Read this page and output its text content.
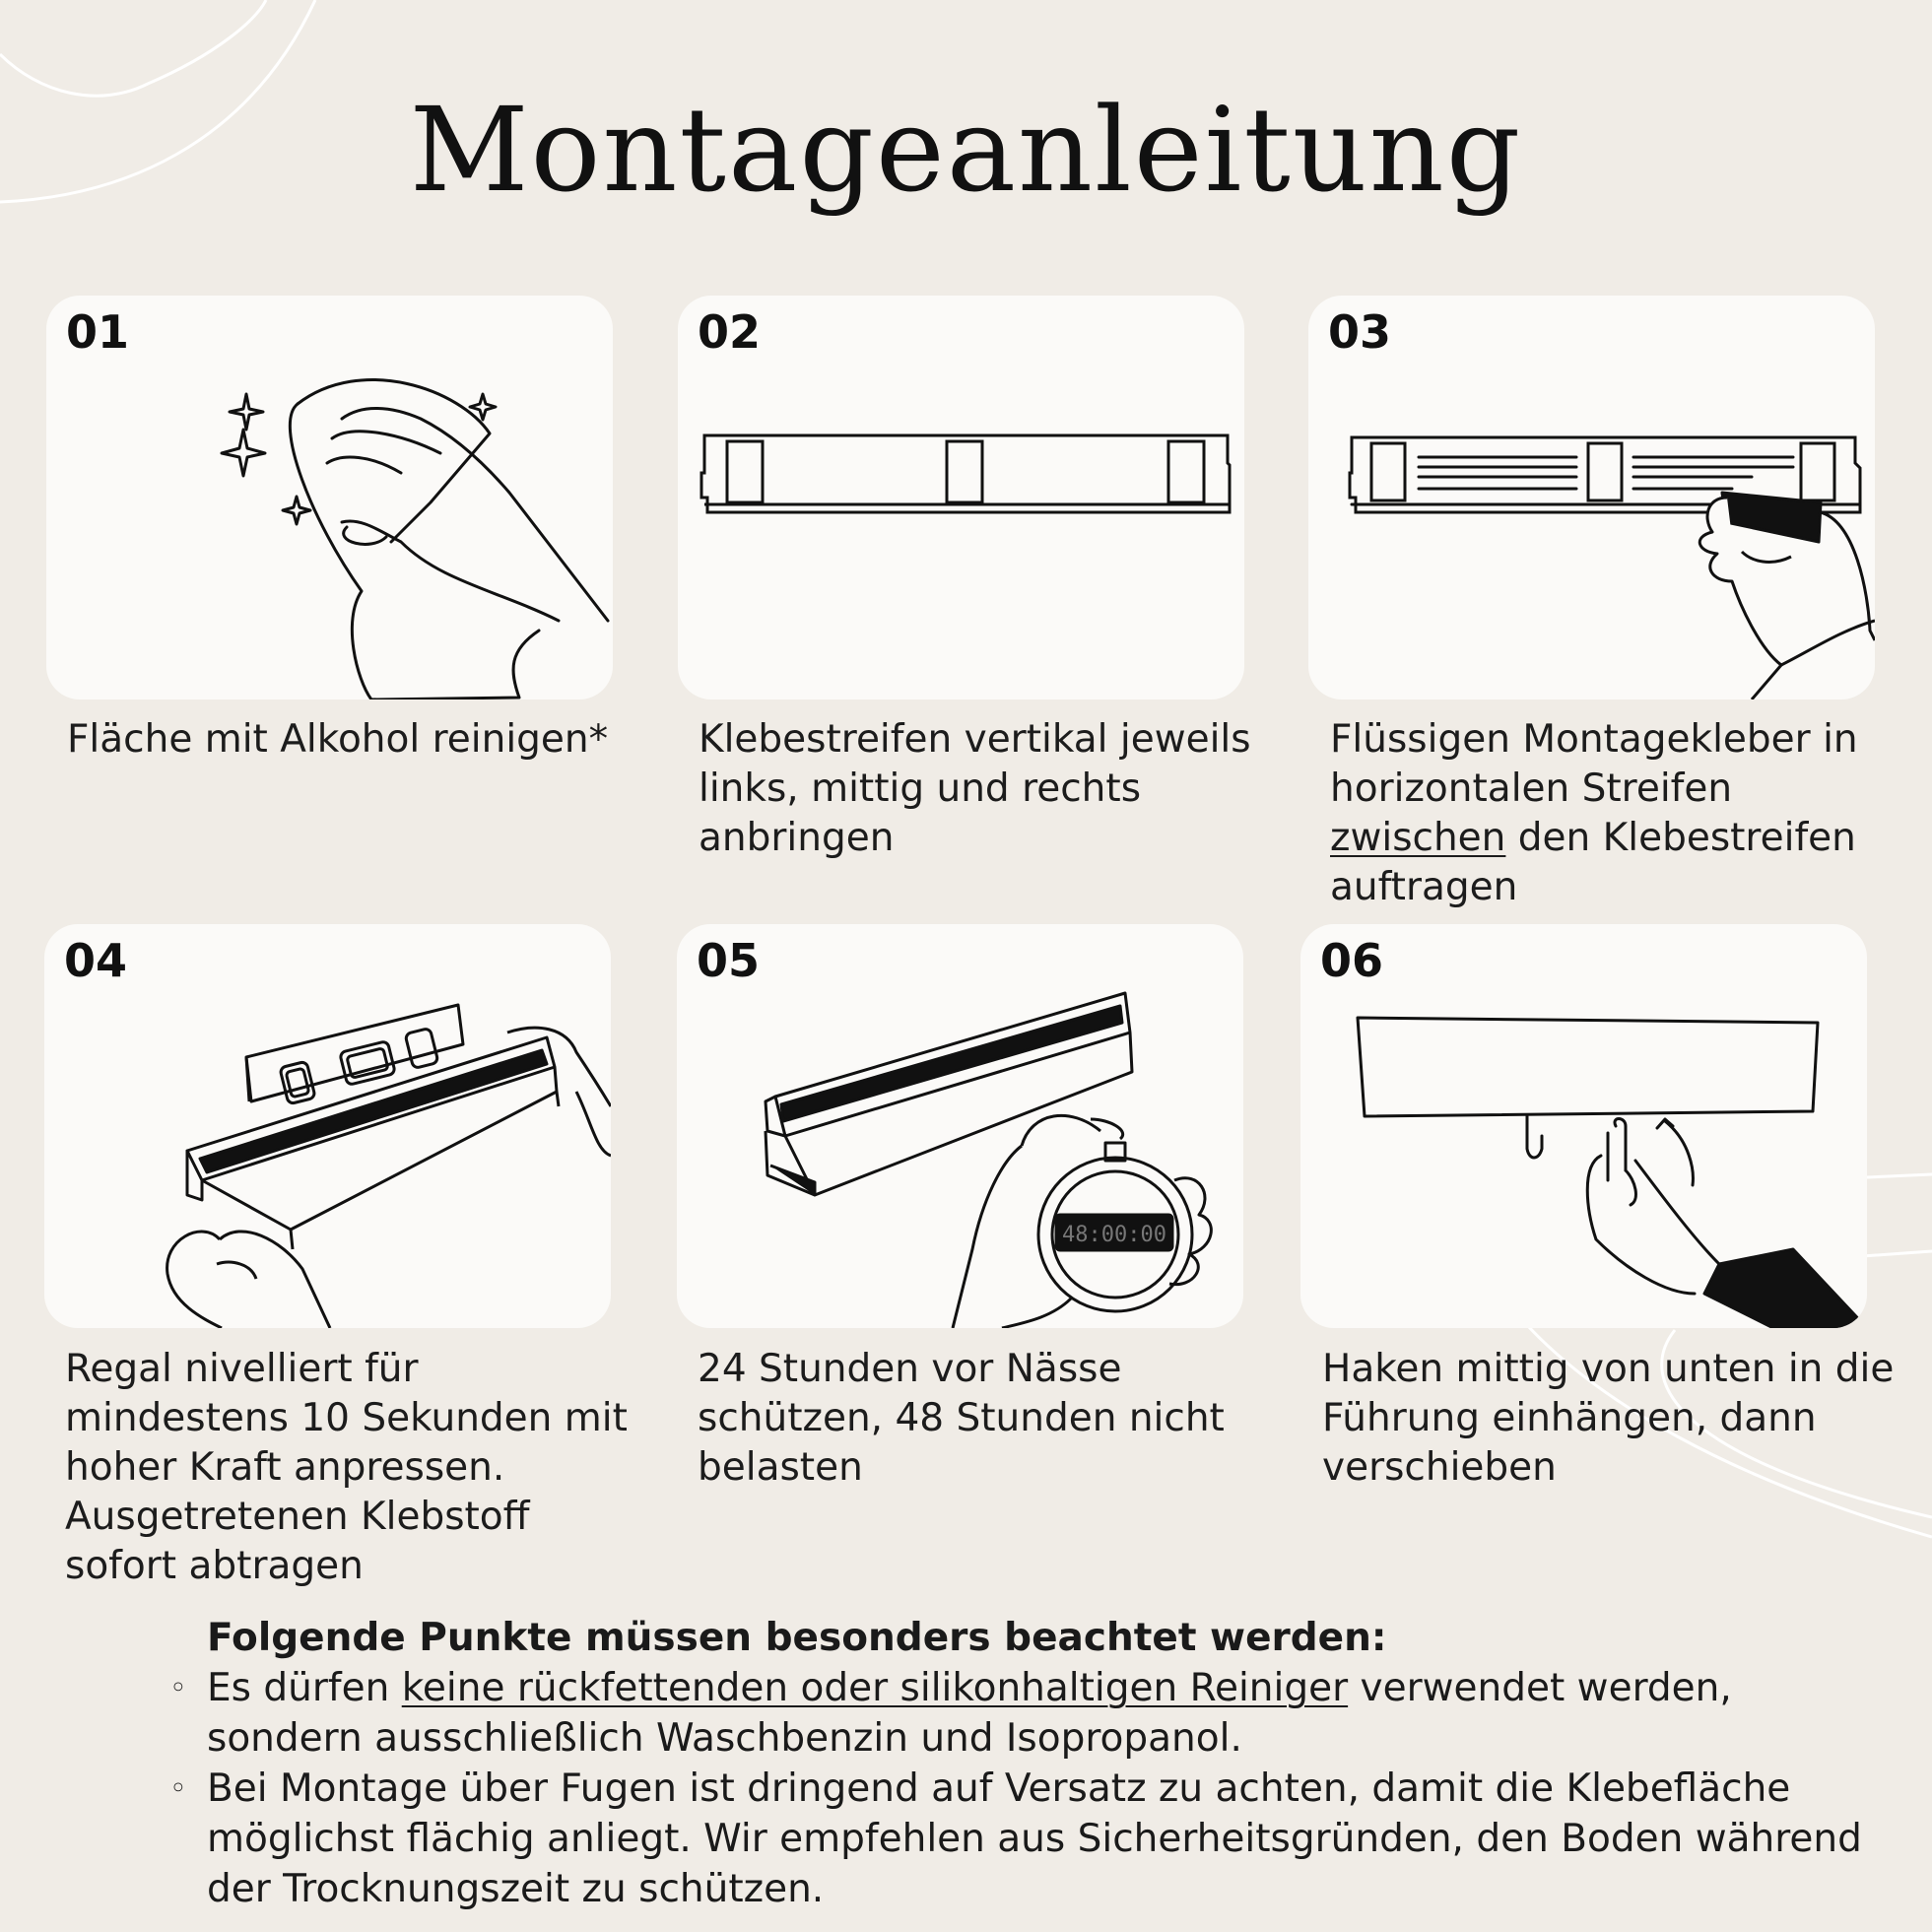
Montageanleitung
01	02	03
04
48:00:00
05	06
Fläche mit Alkohol reinigen*	Klebestreifen vertikal jeweils links, mittig und rechts anbringen
Flüssigen Montagekleber in horizontalen Streifen zwischen den Klebestreifen auftragen
Regal nivelliert für mindestens 10 Sekunden mit hoher Kraft anpressen. Ausgetretenen Klebstoff sofort abtragen
24 Stunden vor Nässe schützen, 48 Stunden nicht belasten
Haken mittig von unten in die Führung einhängen, dann verschieben
Folgende Punkte müssen besonders beachtet werden:
◦ Es dürfen keine rückfettenden oder silikonhaltigen Reiniger verwendet werden, sondern ausschließlich Waschbenzin und Isopropanol.
◦ Bei Montage über Fugen ist dringend auf Versatz zu achten, damit die Klebefläche möglichst flächig anliegt. Wir empfehlen aus Sicherheitsgründen, den Boden während der Trocknungszeit zu schützen.
